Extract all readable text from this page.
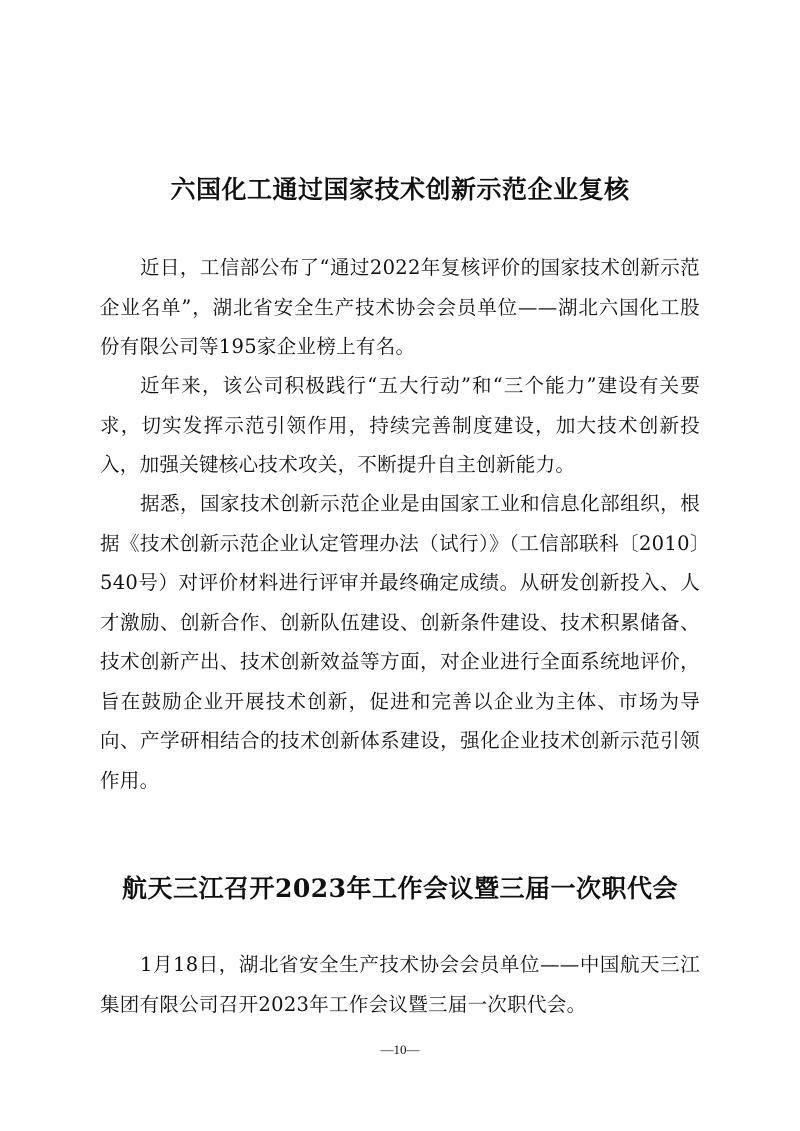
六国化工通过国家技术创新示范企业复核

近日，工信部公布了“通过2022年复核评价的国家技术创新示范企业名单”，湖北省安全生产技术协会会员单位——湖北六国化工股份有限公司等195家企业榜上有名。

近年来，该公司积极践行“五大行动”和“三个能力”建设有关要求，切实发挥示范引领作用，持续完善制度建设，加大技术创新投入，加强关键核心技术攻关，不断提升自主创新能力。

据悉，国家技术创新示范企业是由国家工业和信息化部组织，根据《技术创新示范企业认定管理办法（试行）》（工信部联科〔2010〕540号）对评价材料进行评审并最终确定成绩。从研发创新投入、人才激励、创新合作、创新队伍建设、创新条件建设、技术积累储备、技术创新产出、技术创新效益等方面，对企业进行全面系统地评价，旨在鼓励企业开展技术创新，促进和完善以企业为主体、市场为导向、产学研相结合的技术创新体系建设，强化企业技术创新示范引领作用。

航天三江召开2023年工作会议暨三届一次职代会

1月18日，湖北省安全生产技术协会会员单位——中国航天三江集团有限公司召开2023年工作会议暨三届一次职代会。

—10—
